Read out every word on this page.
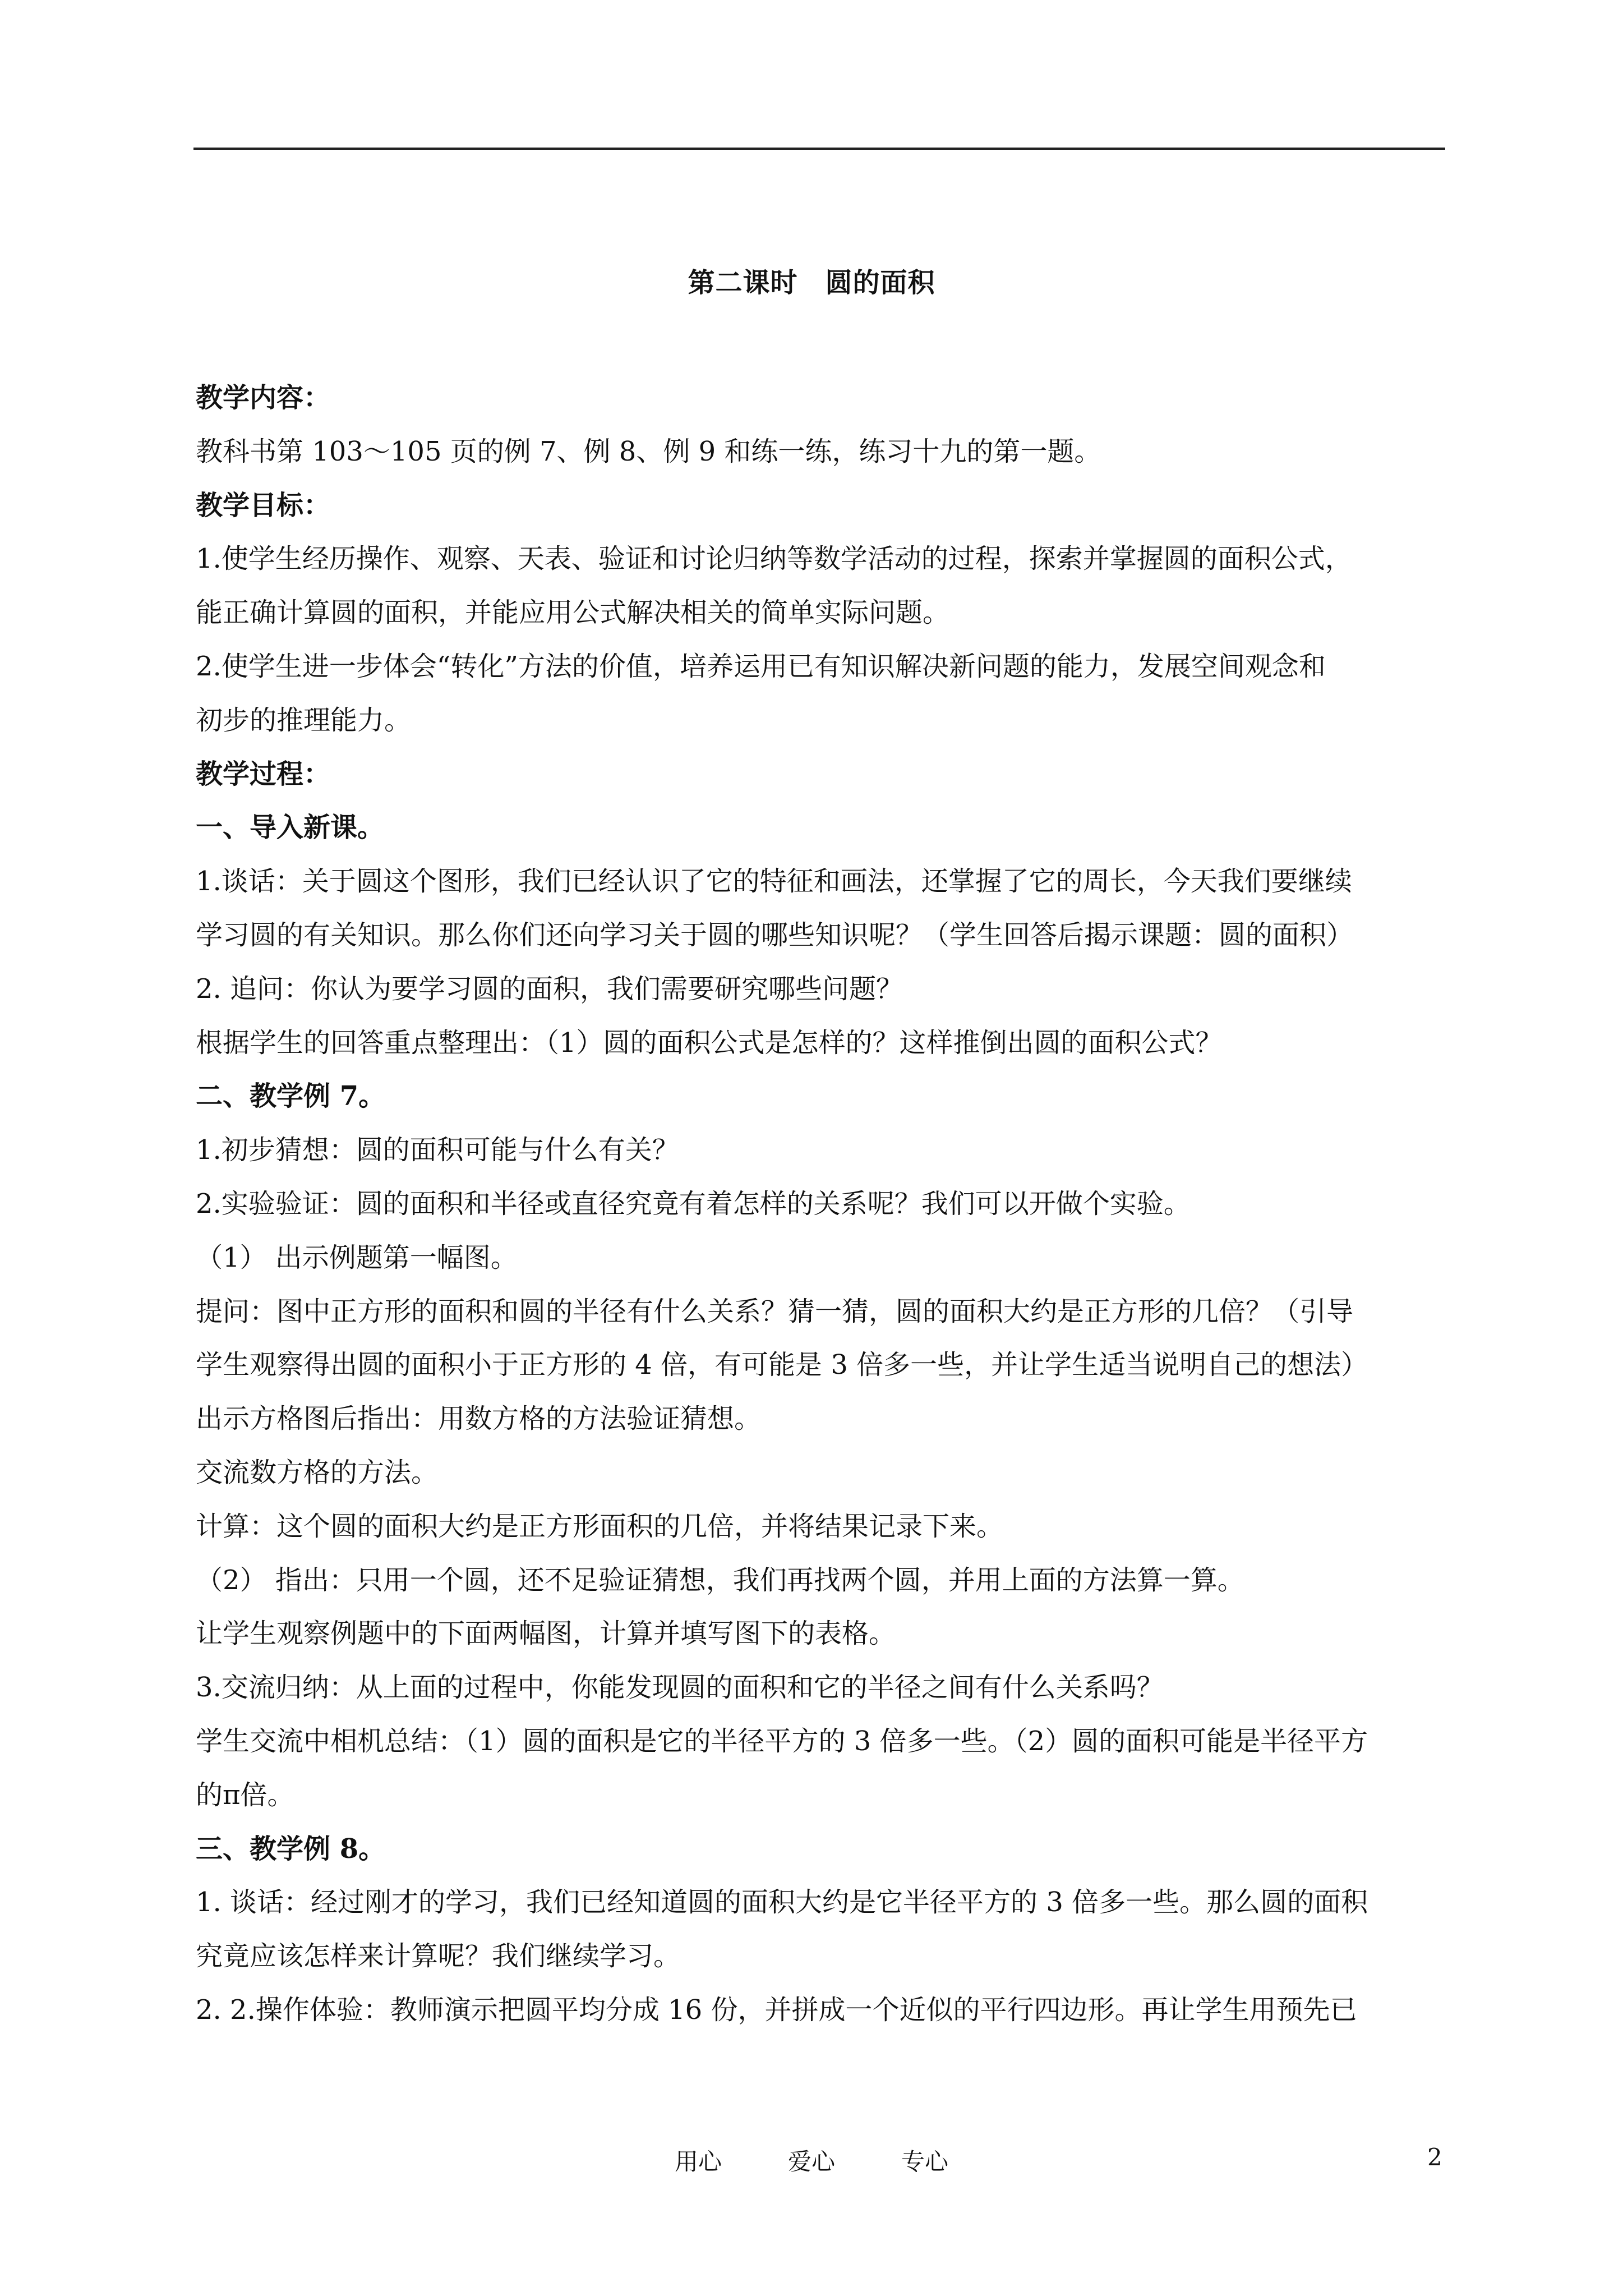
第二课时　圆的面积
教学内容：
教科书第 103～105 页的例 7、例 8、例 9 和练一练，练习十九的第一题。
教学目标：
1.使学生经历操作、观察、天表、验证和讨论归纳等数学活动的过程，探索并掌握圆的面积公式，
能正确计算圆的面积，并能应用公式解决相关的简单实际问题。
2.使学生进一步体会“转化”方法的价值，培养运用已有知识解决新问题的能力，发展空间观念和
初步的推理能力。
教学过程：
一、导入新课。
1.谈话：关于圆这个图形，我们已经认识了它的特征和画法，还掌握了它的周长，今天我们要继续
学习圆的有关知识。那么你们还向学习关于圆的哪些知识呢？（学生回答后揭示课题：圆的面积）
2. 追问：你认为要学习圆的面积，我们需要研究哪些问题？
根据学生的回答重点整理出：（1）圆的面积公式是怎样的？这样推倒出圆的面积公式？
二、教学例 7。
1.初步猜想：圆的面积可能与什么有关？
2.实验验证：圆的面积和半径或直径究竟有着怎样的关系呢？我们可以开做个实验。
（1） 出示例题第一幅图。
提问：图中正方形的面积和圆的半径有什么关系？猜一猜，圆的面积大约是正方形的几倍？（引导
学生观察得出圆的面积小于正方形的 4 倍，有可能是 3 倍多一些，并让学生适当说明自己的想法）
出示方格图后指出：用数方格的方法验证猜想。
交流数方格的方法。
计算：这个圆的面积大约是正方形面积的几倍，并将结果记录下来。
（2） 指出：只用一个圆，还不足验证猜想，我们再找两个圆，并用上面的方法算一算。
让学生观察例题中的下面两幅图，计算并填写图下的表格。
3.交流归纳：从上面的过程中，你能发现圆的面积和它的半径之间有什么关系吗？
学生交流中相机总结：（1）圆的面积是它的半径平方的 3 倍多一些。（2）圆的面积可能是半径平方
的π倍。
三、教学例 8。
1. 谈话：经过刚才的学习，我们已经知道圆的面积大约是它半径平方的 3 倍多一些。那么圆的面积
究竟应该怎样来计算呢？我们继续学习。
2. 2.操作体验：教师演示把圆平均分成 16 份，并拼成一个近似的平行四边形。再让学生用预先已
用心	爱心	专心	2
